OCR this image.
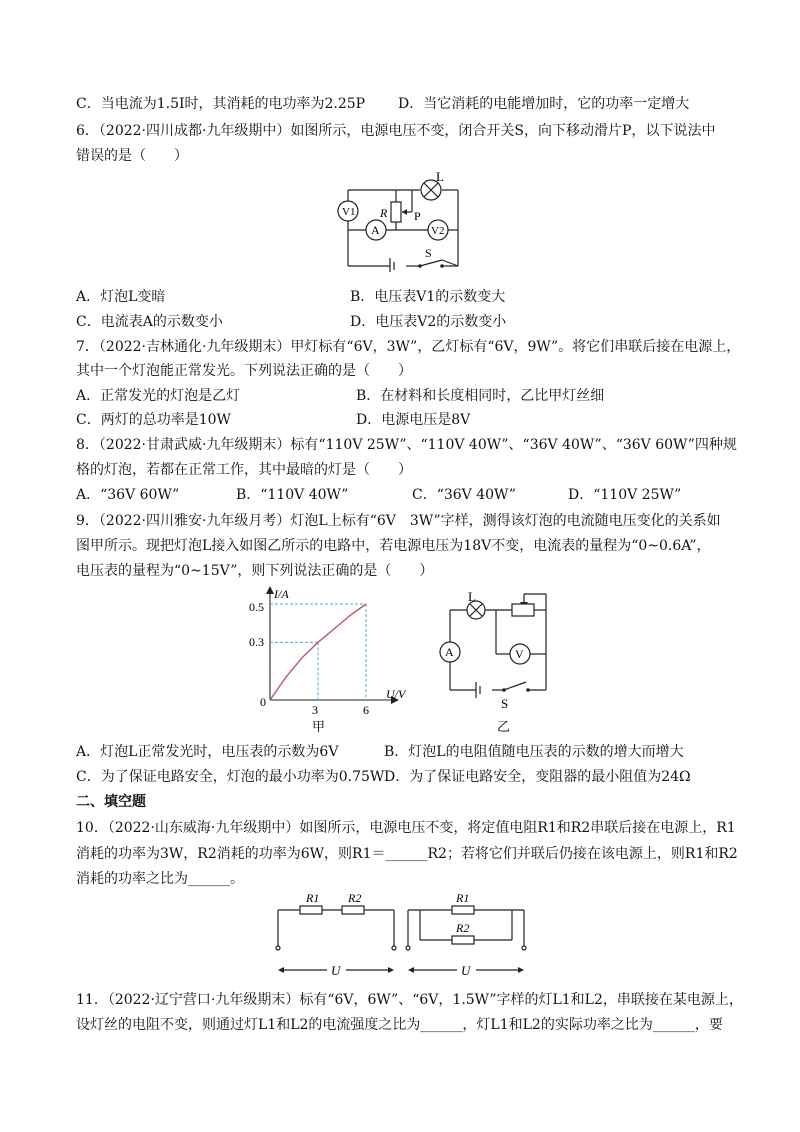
C．当电流为1.5I时，其消耗的电功率为2.25P D．当它消耗的电能增加时，它的功率一定增大
6．（2022·四川成都·九年级期中）如图所示，电源电压不变，闭合开关S，向下移动滑片P，以下说法中
错误的是（　　）
L
V1 R P
A	V2
S
A．灯泡L变暗	B．电压表V1的示数变大
C．电流表A的示数变小	D．电压表V2的示数变小
7．（2022·吉林通化·九年级期末）甲灯标有“6V，3W”，乙灯标有“6V，9W”。将它们串联后接在电源上，
其中一个灯泡能正常发光。下列说法正确的是（　　）
A．正常发光的灯泡是乙灯	B．在材料和长度相同时，乙比甲灯丝细
C．两灯的总功率是10W	D．电源电压是8V
8．（2022·甘肃武威·九年级期末）标有“110V 25W”、“110V 40W”、“36V 40W”、“36V 60W”四种规
格的灯泡，若都在正常工作，其中最暗的灯是（　　）
A．“36V 60W”	B．“110V 40W”	C．“36V 40W”	D．“110V 25W”
9．（2022·四川雅安·九年级月考）灯泡L上标有“6V　3W”字样，测得该灯泡的电流随电压变化的关系如
图甲所示。现把灯泡L接入如图乙所示的电路中，若电源电压为18V不变，电流表的量程为“0~0.6A”，
电压表的量程为“0~15V”，则下列说法正确的是（　　）
I/A
U/V
0
0.5
0.3
3	6
甲
L
A	V
S
乙
A．灯泡L正常发光时，电压表的示数为6V	B．灯泡L的电阻值随电压表的示数的增大而增大
C．为了保证电路安全，灯泡的最小功率为0.75W D．为了保证电路安全，变阻器的最小阻值为24Ω
二、填空题
10．（2022·山东威海·九年级期中）如图所示，电源电压不变，将定值电阻R1和R2串联后接在电源上，R1
消耗的功率为3W，R2消耗的功率为6W，则R1＝______R2；若将它们并联后仍接在该电源上，则R1和R2
消耗的功率之比为______。
R1 R2
U
R1
R2
U
11．（2022·辽宁营口·九年级期末）标有“6V，6W”、“6V，1.5W”字样的灯L1和L2，串联接在某电源上，
设灯丝的电阻不变，则通过灯L1和L2的电流强度之比为______，灯L1和L2的实际功率之比为______，要
